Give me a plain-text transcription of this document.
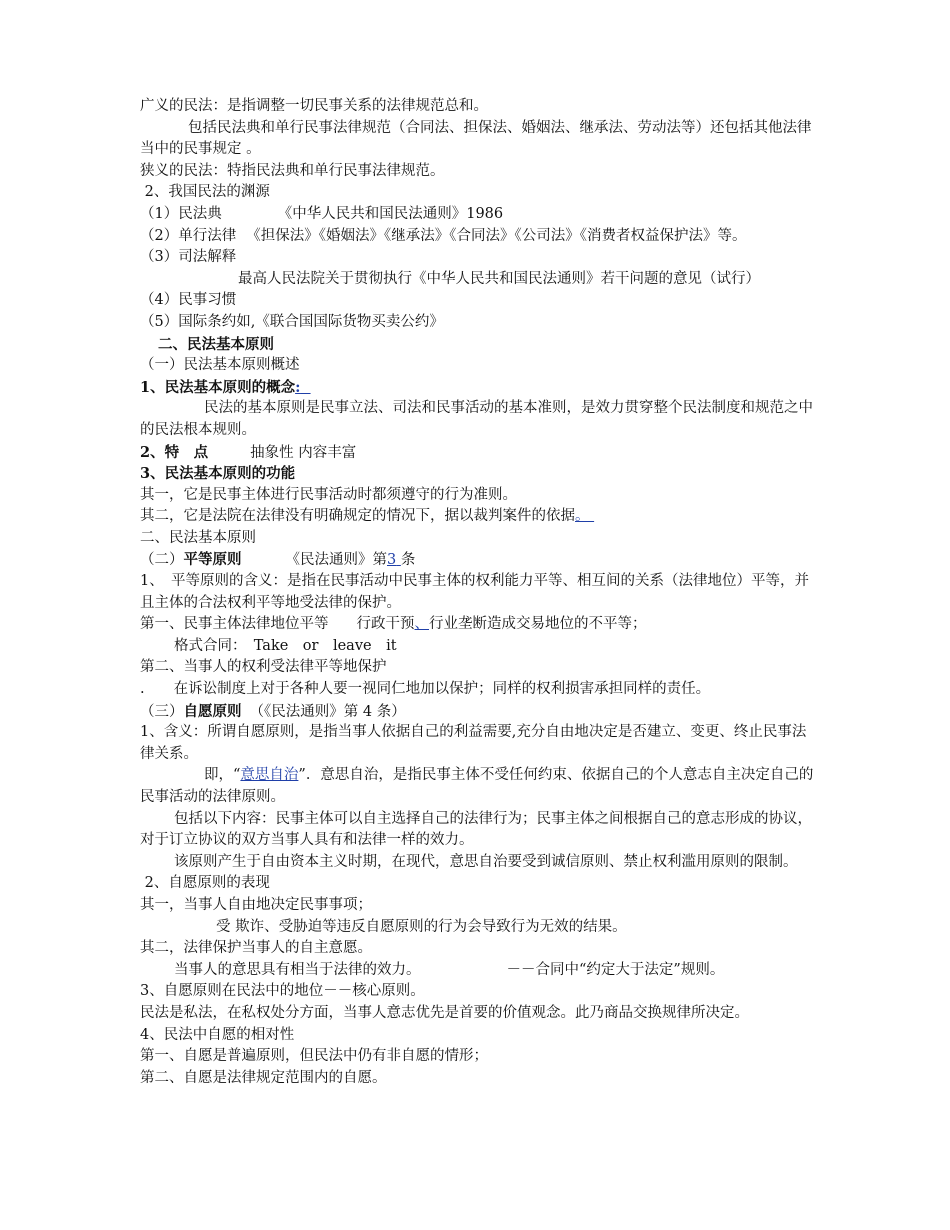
广义的民法：是指调整一切民事关系的法律规范总和。
包括民法典和单行民事法律规范（合同法、担保法、婚姻法、继承法、劳动法等）还包括其他法律当中的民事规定 。
狭义的民法：特指民法典和单行民事法律规范。
2、我国民法的渊源
（1）民法典	《中华人民共和国民法通则》1986
（2）单行法律 《担保法》《婚姻法》《继承法》《合同法》《公司法》《消费者权益保护法》等。
（3）司法解释
最高人民法院关于贯彻执行《中华人民共和国民法通则》若干问题的意见（试行）
（4）民事习惯
（5）国际条约如,《联合国国际货物买卖公约》
二、民法基本原则
（一）民法基本原则概述
1、民法基本原则的概念:
民法的基本原则是民事立法、司法和民事活动的基本准则，是效力贯穿整个民法制度和规范之中的民法根本规则。
2、特　点	抽象性 内容丰富
3、民法基本原则的功能
其一，它是民事主体进行民事活动时都须遵守的行为准则。
其二，它是法院在法律没有明确规定的情况下，据以裁判案件的依据。
二、民法基本原则
（二）平等原则	《民法通则》第3 条
1、　平等原则的含义：是指在民事活动中民事主体的权利能力平等、相互间的关系（法律地位）平等，并且主体的合法权利平等地受法律的保护。
第一、民事主体法律地位平等 行政干预、行业垄断造成交易地位的不平等；
格式合同：　Take　or　leave　it
第二、当事人的权利受法律平等地保护
.　　在诉讼制度上对于各种人要一视同仁地加以保护；同样的权利损害承担同样的责任。
（三）自愿原则 （《民法通则》第 4 条）
1、含义：所谓自愿原则，是指当事人依据自己的利益需要,充分自由地决定是否建立、变更、终止民事法律关系。
即，“意思自治”．意思自治，是指民事主体不受任何约束、依据自己的个人意志自主决定自己的民事活动的法律原则。
包括以下内容：民事主体可以自主选择自己的法律行为；民事主体之间根据自己的意志形成的协议，对于订立协议的双方当事人具有和法律一样的效力。
该原则产生于自由资本主义时期，在现代，意思自治要受到诚信原则、禁止权利滥用原则的限制。
2、自愿原则的表现
其一，当事人自由地决定民事事项；
受 欺诈、受胁迫等违反自愿原则的行为会导致行为无效的结果。
其二，法律保护当事人的自主意愿。
当事人的意思具有相当于法律的效力。	－－合同中“约定大于法定”规则。
3、自愿原则在民法中的地位－－核心原则。
民法是私法，在私权处分方面，当事人意志优先是首要的价值观念。此乃商品交换规律所决定。
4、民法中自愿的相对性
第一、自愿是普遍原则，但民法中仍有非自愿的情形；
第二、自愿是法律规定范围内的自愿。
